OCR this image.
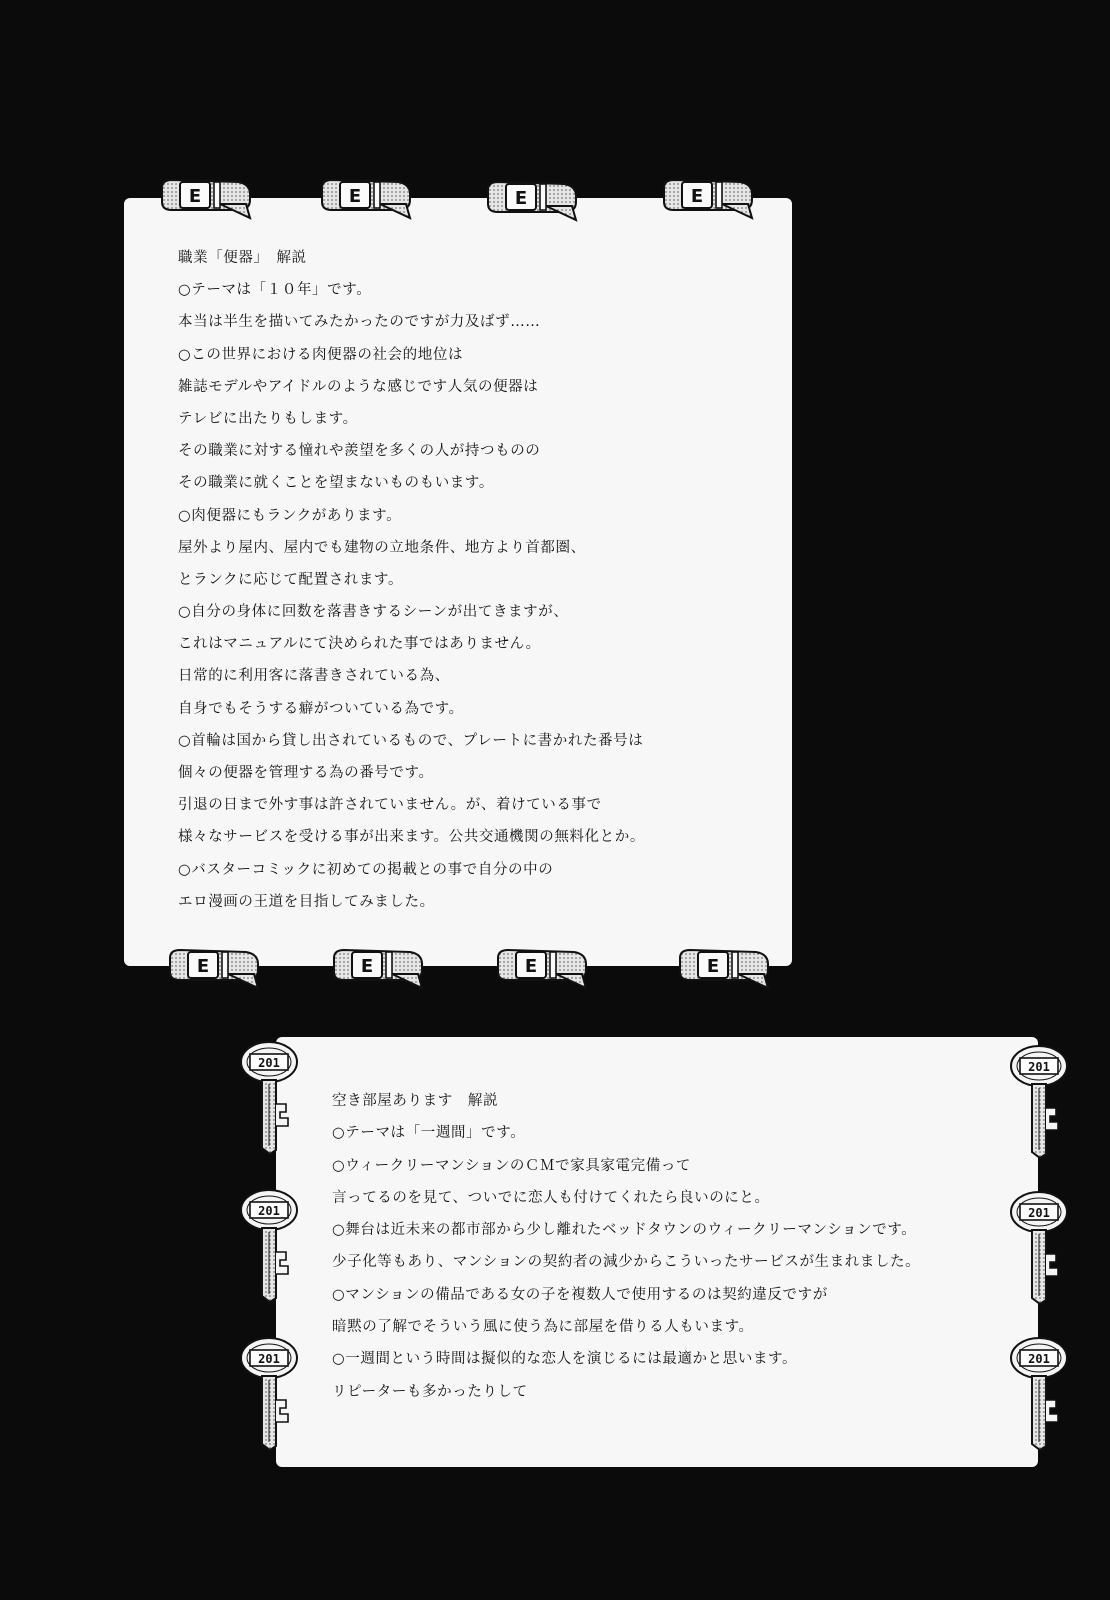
職業「便器」　解説
○テーマは「１０年」です。
本当は半生を描いてみたかったのですが力及ばず……
○この世界における肉便器の社会的地位は
雑誌モデルやアイドルのような感じです人気の便器は
テレビに出たりもします。
その職業に対する憧れや羨望を多くの人が持つものの
その職業に就くことを望まないものもいます。
○肉便器にもランクがあります。
屋外より屋内、屋内でも建物の立地条件、地方より首都圏、
とランクに応じて配置されます。
○自分の身体に回数を落書きするシーンが出てきますが、
これはマニュアルにて決められた事ではありません。
日常的に利用客に落書きされている為、
自身でもそうする癖がついている為です。
○首輪は国から貸し出されているもので、プレートに書かれた番号は
個々の便器を管理する為の番号です。
引退の日まで外す事は許されていません。が、着けている事で
様々なサービスを受ける事が出来ます。公共交通機関の無料化とか。
○バスターコミックに初めての掲載との事で自分の中の
エロ漫画の王道を目指してみました。
空き部屋あります　解説
○テーマは「一週間」です。
○ウィークリーマンションのＣＭで家具家電完備って
言ってるのを見て、ついでに恋人も付けてくれたら良いのにと。
○舞台は近未来の都市部から少し離れたベッドタウンのウィークリーマンションです。
少子化等もあり、マンションの契約者の減少からこういったサービスが生まれました。
○マンションの備品である女の子を複数人で使用するのは契約違反ですが
暗黙の了解でそういう風に使う為に部屋を借りる人もいます。
○一週間という時間は擬似的な恋人を演じるには最適かと思います。
リピーターも多かったりして
